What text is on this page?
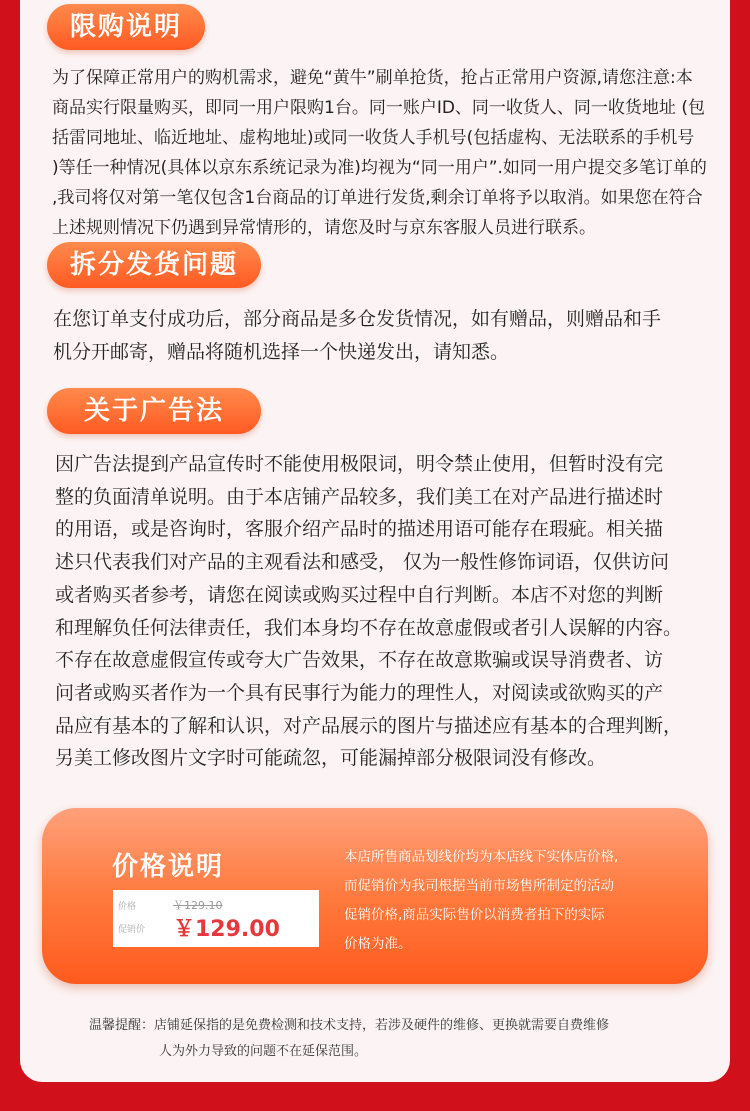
限购说明
为了保障正常用户的购机需求，避免“黄牛”刷单抢货，抢占正常用户资源,请您注意:本
商品实行限量购买，即同一用户限购1台。同一账户ID、同一收货人、同一收货地址 (包
括雷同地址、临近地址、虚构地址)或同一收货人手机号(包括虚构、无法联系的手机号
)等任一种情况(具体以京东系统记录为准)均视为“同一用户”.如同一用户提交多笔订单的
,我司将仅对第一笔仅包含1台商品的订单进行发货,剩余订单将予以取消。如果您在符合
上述规则情况下仍遇到异常情形的，请您及时与京东客服人员进行联系。
拆分发货问题
在您订单支付成功后，部分商品是多仓发货情况，如有赠品，则赠品和手
机分开邮寄，赠品将随机选择一个快递发出，请知悉。
关于广告法
因广告法提到产品宣传时不能使用极限词，明令禁止使用，但暂时没有完
整的负面清单说明。由于本店铺产品较多，我们美工在对产品进行描述时
的用语，或是咨询时，客服介绍产品时的描述用语可能存在瑕疵。相关描
述只代表我们对产品的主观看法和感受， 仅为一般性修饰词语，仅供访问
或者购买者参考，请您在阅读或购买过程中自行判断。本店不对您的判断
和理解负任何法律责任，我们本身均不存在故意虚假或者引人误解的内容。
不存在故意虚假宣传或夸大广告效果，不存在故意欺骗或误导消费者、访
问者或购买者作为一个具有民事行为能力的理性人，对阅读或欲购买的产
品应有基本的了解和认识，对产品展示的图片与描述应有基本的合理判断，
另美工修改图片文字时可能疏忽，可能漏掉部分极限词没有修改。
价格说明
价格
促销价
￥129.10
￥129.00
本店所售商品划线价均为本店线下实体店价格,
而促销价为我司根据当前市场售所制定的活动
促销价格,商品实际售价以消费者拍下的实际
价格为准。
温馨提醒：店铺延保指的是免费检测和技术支持，若涉及硬件的维修、更换就需要自费维修
人为外力导致的问题不在延保范围。
